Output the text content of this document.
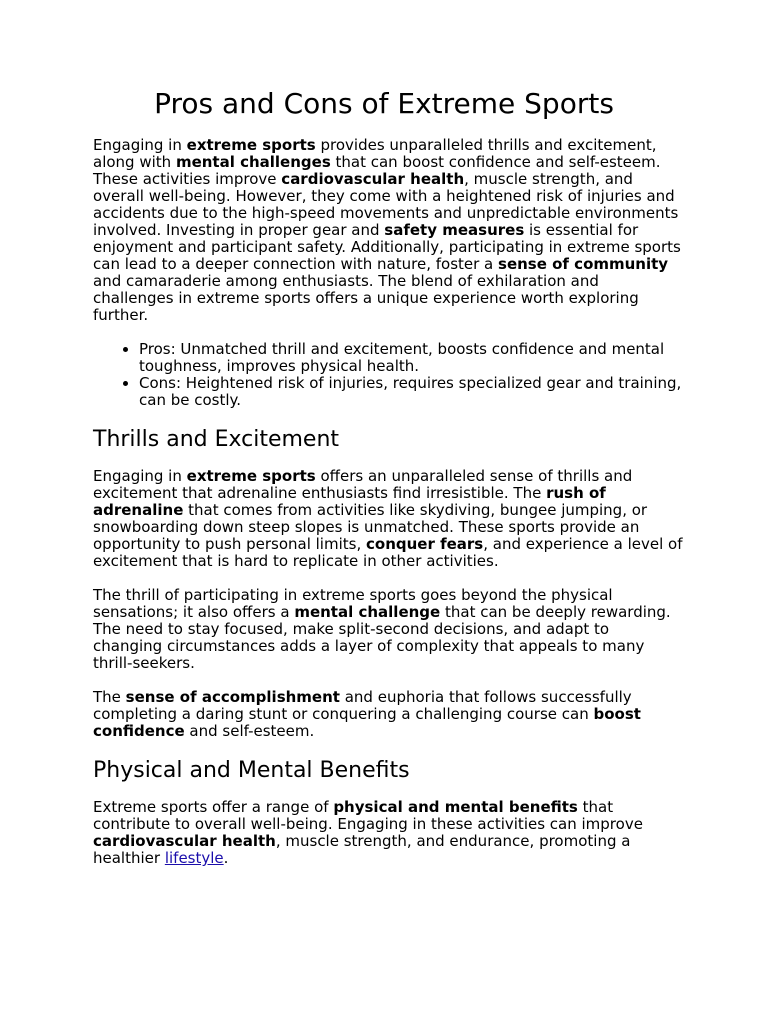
Pros and Cons of Extreme Sports

Engaging in extreme sports provides unparalleled thrills and excitement, along with mental challenges that can boost confidence and self-esteem. These activities improve cardiovascular health, muscle strength, and overall well-being. However, they come with a heightened risk of injuries and accidents due to the high-speed movements and unpredictable environments involved. Investing in proper gear and safety measures is essential for enjoyment and participant safety. Additionally, participating in extreme sports can lead to a deeper connection with nature, foster a sense of community and camaraderie among enthusiasts. The blend of exhilaration and challenges in extreme sports offers a unique experience worth exploring further.

• Pros: Unmatched thrill and excitement, boosts confidence and mental toughness, improves physical health.
• Cons: Heightened risk of injuries, requires specialized gear and training, can be costly.
Thrills and Excitement

Engaging in extreme sports offers an unparalleled sense of thrills and excitement that adrenaline enthusiasts find irresistible. The rush of adrenaline that comes from activities like skydiving, bungee jumping, or snowboarding down steep slopes is unmatched. These sports provide an opportunity to push personal limits, conquer fears, and experience a level of excitement that is hard to replicate in other activities.

The thrill of participating in extreme sports goes beyond the physical sensations; it also offers a mental challenge that can be deeply rewarding. The need to stay focused, make split-second decisions, and adapt to changing circumstances adds a layer of complexity that appeals to many thrill-seekers.

The sense of accomplishment and euphoria that follows successfully completing a daring stunt or conquering a challenging course can boost confidence and self-esteem.

Physical and Mental Benefits

Extreme sports offer a range of physical and mental benefits that contribute to overall well-being. Engaging in these activities can improve cardiovascular health, muscle strength, and endurance, promoting a healthier lifestyle.
